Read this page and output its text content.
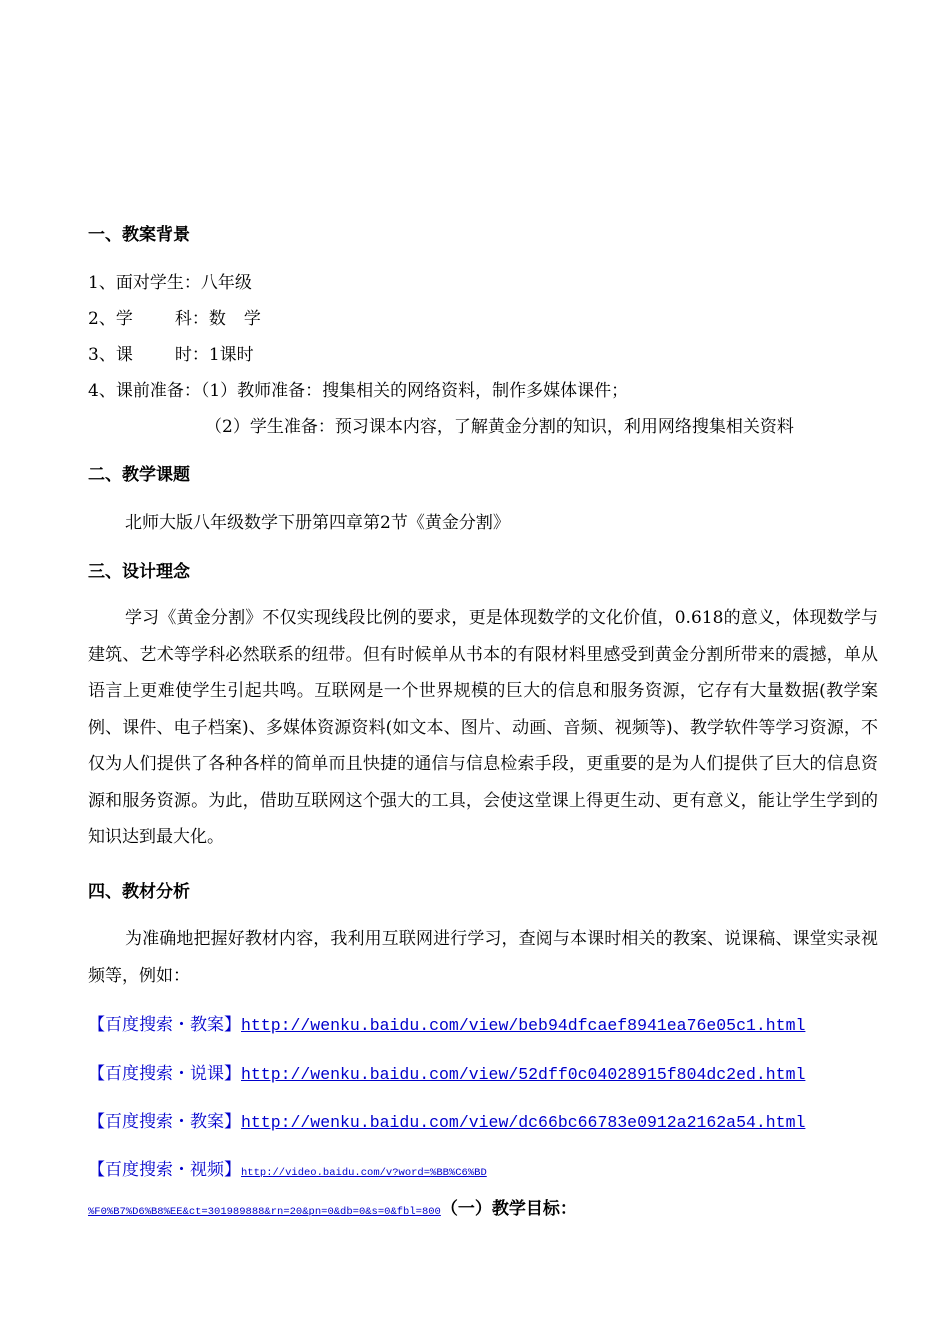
一、教案背景
1、面对学生：八年级
2、学 科：数 学
3、课 时：1课时
4、课前准备：（1）教师准备：搜集相关的网络资料，制作多媒体课件；
（2）学生准备：预习课本内容，了解黄金分割的知识，利用网络搜集相关资料
二、教学课题
北师大版八年级数学下册第四章第2节《黄金分割》
三、设计理念
学习《黄金分割》不仅实现线段比例的要求，更是体现数学的文化价值，0.618的意义，体现数学与建筑、艺术等学科必然联系的纽带。但有时候单从书本的有限材料里感受到黄金分割所带来的震撼，单从语言上更难使学生引起共鸣。互联网是一个世界规模的巨大的信息和服务资源，它存有大量数据(教学案例、课件、电子档案)、多媒体资源资料(如文本、图片、动画、音频、视频等)、教学软件等学习资源，不仅为人们提供了各种各样的简单而且快捷的通信与信息检索手段，更重要的是为人们提供了巨大的信息资源和服务资源。为此，借助互联网这个强大的工具，会使这堂课上得更生动、更有意义，能让学生学到的知识达到最大化。
四、教材分析
为准确地把握好教材内容，我利用互联网进行学习，查阅与本课时相关的教案、说课稿、课堂实录视频等，例如：
【百度搜索・教案】http://wenku.baidu.com/view/beb94dfcaef8941ea76e05c1.html
【百度搜索・说课】http://wenku.baidu.com/view/52dff0c04028915f804dc2ed.html
【百度搜索・教案】http://wenku.baidu.com/view/dc66bc66783e0912a2162a54.html
【百度搜索・视频】http://video.baidu.com/v?word=%BB%C6%BD
%F0%B7%D6%B8%EE&ct=301989888&rn=20&pn=0&db=0&s=0&fbl=800（一）教学目标：
